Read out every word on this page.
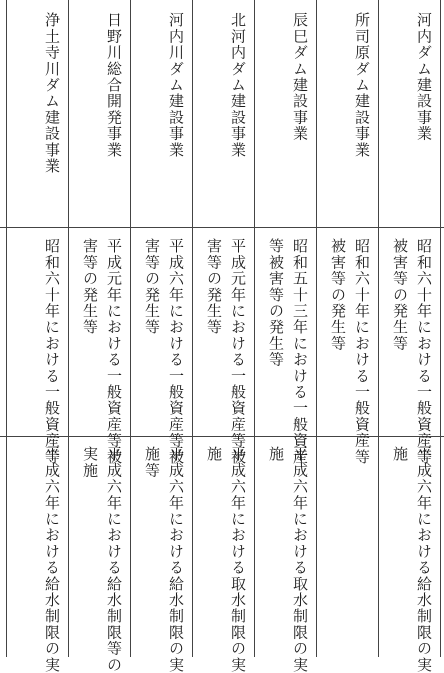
河内ダム建設事業
昭和六十年における一般資産等
被害等の発生等
平成六年における給水制限の実
施
所司原ダム建設事業
昭和六十年における一般資産等
被害等の発生等
辰巳ダム建設事業
昭和五十三年における一般資産
等被害等の発生等
平成六年における取水制限の実
施
北河内ダム建設事業
平成元年における一般資産等被
害等の発生等
平成六年における取水制限の実
施
河内川ダム建設事業
平成六年における一般資産等被
害等の発生等
平成六年における給水制限の実
施等
日野川総合開発事業
平成元年における一般資産等被
害等の発生等
平成六年における給水制限等の
実施
浄土寺川ダム建設事業
昭和六十年における一般資産等
平成六年における給水制限の実
